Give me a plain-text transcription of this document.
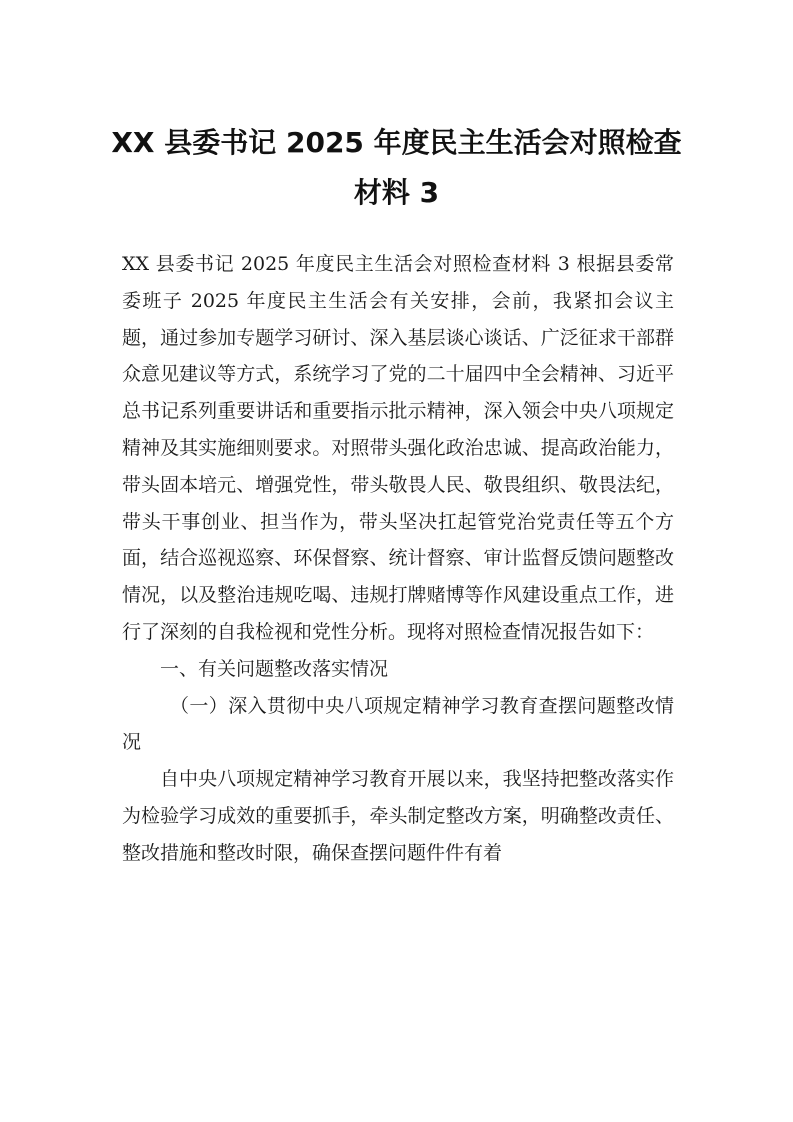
XX 县委书记 2025 年度民主生活会对照检查材料 3

XX 县委书记 2025 年度民主生活会对照检查材料 3 根据县委常委班子 2025 年度民主生活会有关安排，会前，我紧扣会议主题，通过参加专题学习研讨、深入基层谈心谈话、广泛征求干部群众意见建议等方式，系统学习了党的二十届四中全会精神、习近平总书记系列重要讲话和重要指示批示精神，深入领会中央八项规定精神及其实施细则要求。对照带头强化政治忠诚、提高政治能力，带头固本培元、增强党性，带头敬畏人民、敬畏组织、敬畏法纪，带头干事创业、担当作为，带头坚决扛起管党治党责任等五个方面，结合巡视巡察、环保督察、统计督察、审计监督反馈问题整改情况，以及整治违规吃喝、违规打牌赌博等作风建设重点工作，进行了深刻的自我检视和党性分析。现将对照检查情况报告如下：

一、有关问题整改落实情况

（一）深入贯彻中央八项规定精神学习教育查摆问题整改情况

自中央八项规定精神学习教育开展以来，我坚持把整改落实作为检验学习成效的重要抓手，牵头制定整改方案，明确整改责任、整改措施和整改时限，确保查摆问题件件有着
